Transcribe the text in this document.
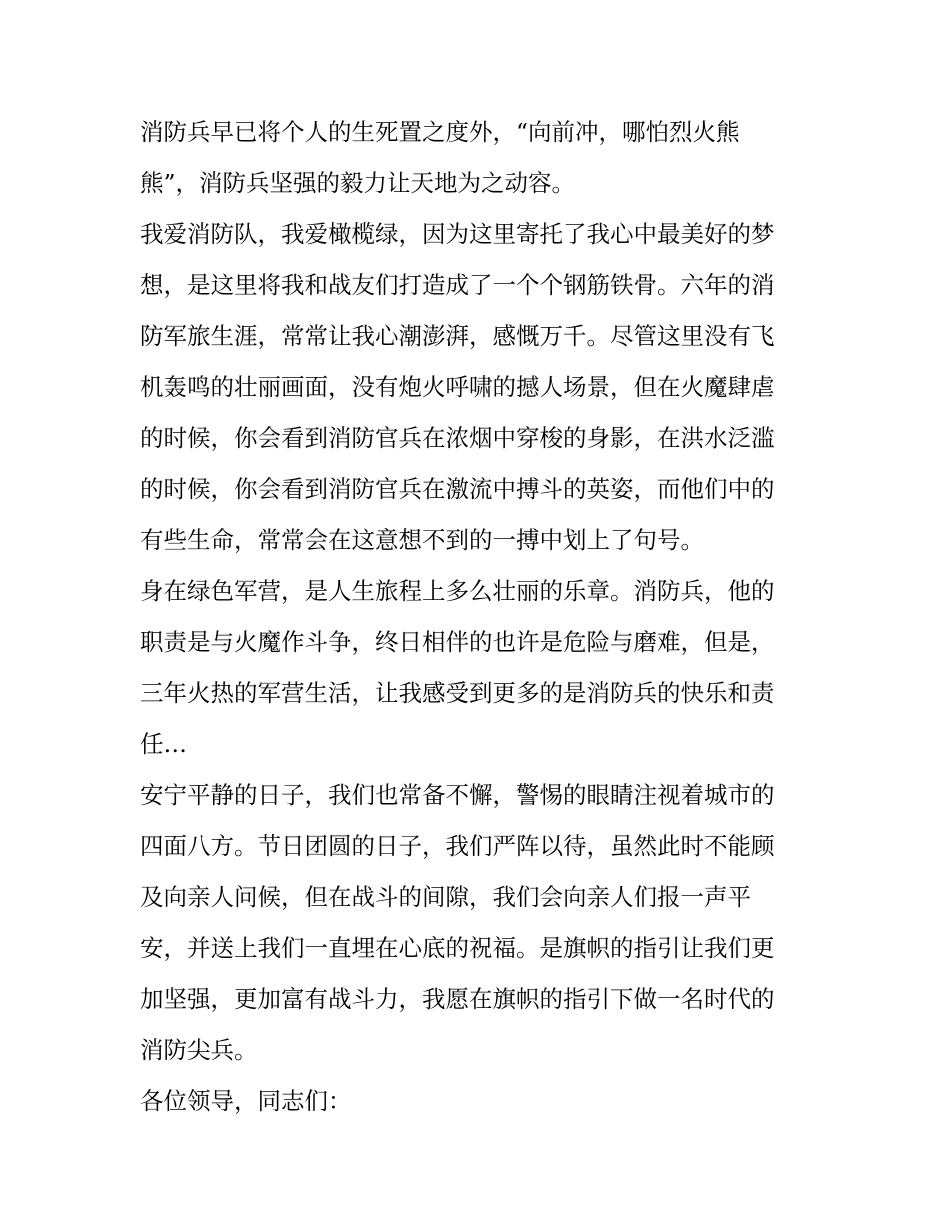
消防兵早已将个人的生死置之度外，“向前冲，哪怕烈火熊
熊”，消防兵坚强的毅力让天地为之动容。
我爱消防队，我爱橄榄绿，因为这里寄托了我心中最美好的梦
想，是这里将我和战友们打造成了一个个钢筋铁骨。六年的消
防军旅生涯，常常让我心潮澎湃，感慨万千。尽管这里没有飞
机轰鸣的壮丽画面，没有炮火呼啸的撼人场景，但在火魔肆虐
的时候，你会看到消防官兵在浓烟中穿梭的身影，在洪水泛滥
的时候，你会看到消防官兵在激流中搏斗的英姿，而他们中的
有些生命，常常会在这意想不到的一搏中划上了句号。
身在绿色军营，是人生旅程上多么壮丽的乐章。消防兵，他的
职责是与火魔作斗争，终日相伴的也许是危险与磨难，但是，
三年火热的军营生活，让我感受到更多的是消防兵的快乐和责
任…
安宁平静的日子，我们也常备不懈，警惕的眼睛注视着城市的
四面八方。节日团圆的日子，我们严阵以待，虽然此时不能顾
及向亲人问候，但在战斗的间隙，我们会向亲人们报一声平
安，并送上我们一直埋在心底的祝福。是旗帜的指引让我们更
加坚强，更加富有战斗力，我愿在旗帜的指引下做一名时代的
消防尖兵。
各位领导，同志们：
